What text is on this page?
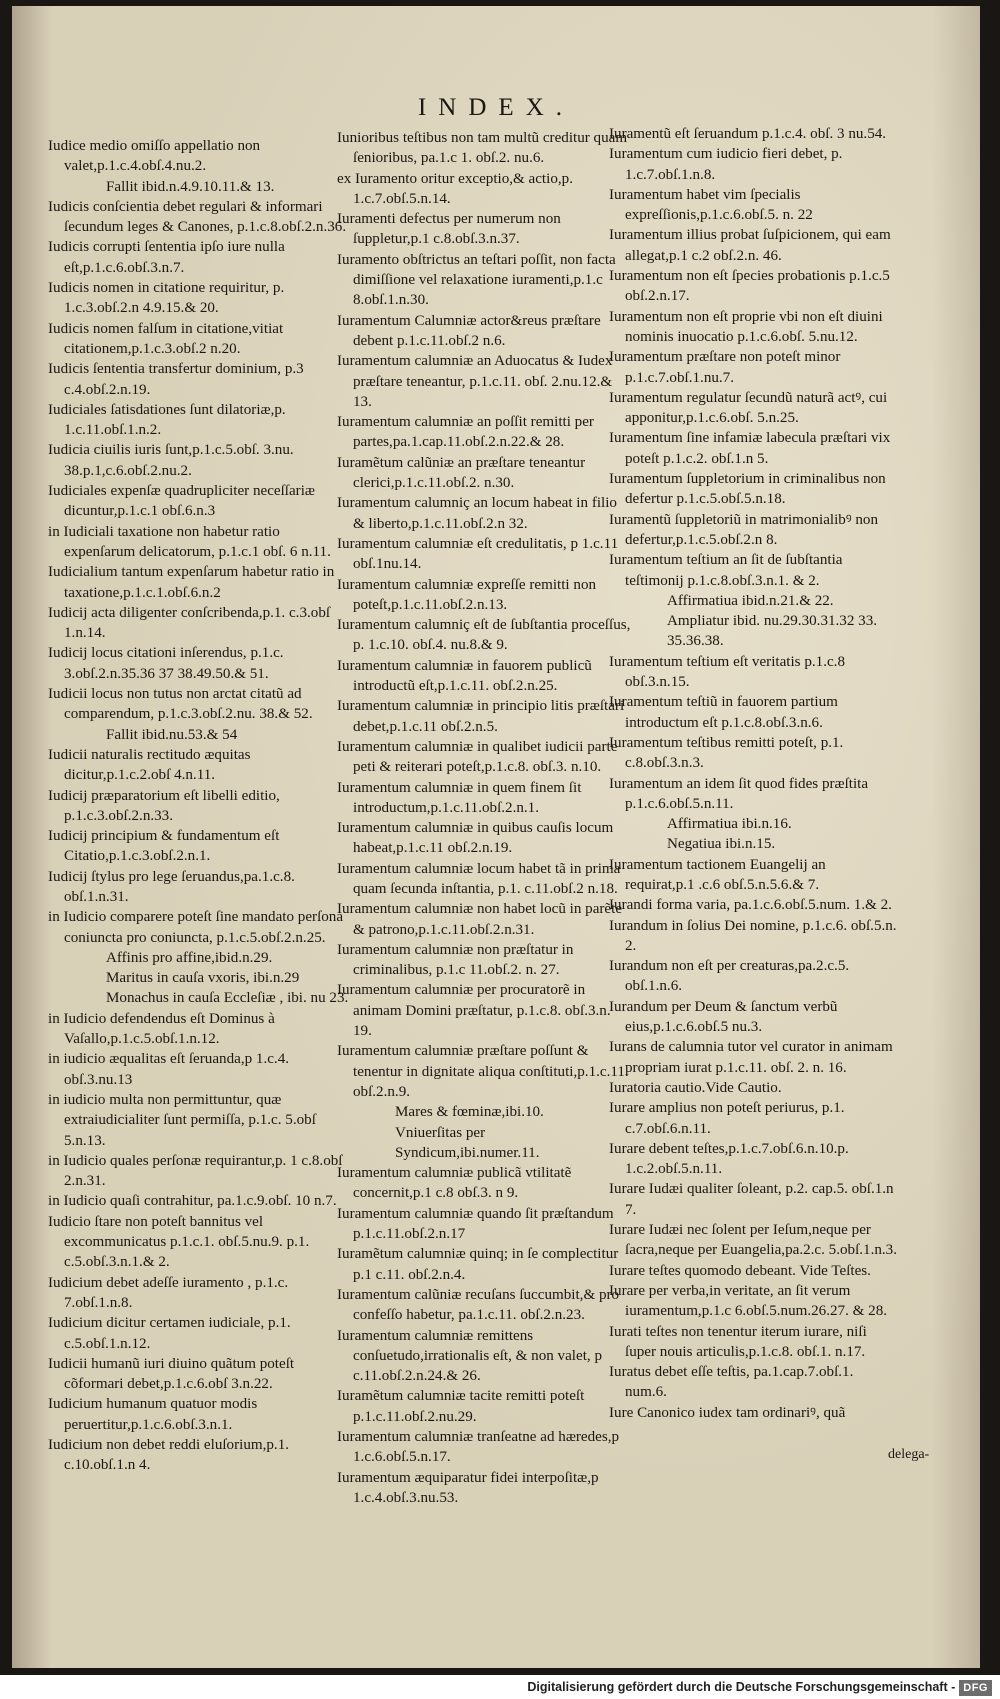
INDEX.

Iudice medio omiſſo appellatio non valet,p.1.c.4.obſ.4.nu.2.

Fallit ibid.n.4.9.10.11.& 13.

Iudicis conſcientia debet regulari & informari ſecundum leges & Canones, p.1.c.8.obſ.2.n.36.

Iudicis corrupti ſententia ipſo iure nulla eſt,p.1.c.6.obſ.3.n.7.

Iudicis nomen in citatione requiritur, p. 1.c.3.obſ.2.n 4.9.15.& 20.

Iudicis nomen falſum in citatione,vitiat citationem,p.1.c.3.obſ.2 n.20.

Iudicis ſententia transfertur dominium, p.3 c.4.obſ.2.n.19.

Iudiciales ſatisdationes ſunt dilatoriæ,p. 1.c.11.obſ.1.n.2.

Iudicia ciuilis iuris ſunt,p.1.c.5.obſ. 3.nu. 38.p.1,c.6.obſ.2.nu.2.

Iudiciales expenſæ quadrupliciter neceſſariæ dicuntur,p.1.c.1 obſ.6.n.3

in Iudiciali taxatione non habetur ratio expenſarum delicatorum, p.1.c.1 obſ. 6 n.11.

Iudicialium tantum expenſarum habetur ratio in taxatione,p.1.c.1.obſ.6.n.2

Iudicij acta diligenter conſcribenda,p.1. c.3.obſ 1.n.14.

Iudicij locus citationi inſerendus, p.1.c. 3.obſ.2.n.35.36 37 38.49.50.& 51.

Iudicii locus non tutus non arctat citatũ ad comparendum, p.1.c.3.obſ.2.nu. 38.& 52.

Fallit ibid.nu.53.& 54

Iudicii naturalis rectitudo æquitas dicitur,p.1.c.2.obſ 4.n.11.

Iudicij præparatorium eſt libelli editio, p.1.c.3.obſ.2.n.33.

Iudicij principium & fundamentum eſt Citatio,p.1.c.3.obſ.2.n.1.

Iudicij ſtylus pro lege ſeruandus,pa.1.c.8. obſ.1.n.31.

in Iudicio comparere poteſt ſine mandato perſona coniuncta pro coniuncta, p.1.c.5.obſ.2.n.25.

Affinis pro affine,ibid.n.29.

Maritus in cauſa vxoris, ibi.n.29

Monachus in cauſa Eccleſiæ , ibi. nu 23.

in Iudicio defendendus eſt Dominus à Vaſallo,p.1.c.5.obſ.1.n.12.

in iudicio æqualitas eſt ſeruanda,p 1.c.4. obſ.3.nu.13

in iudicio multa non permittuntur, quæ extraiudicialiter ſunt permiſſa, p.1.c. 5.obſ 5.n.13.

in Iudicio quales perſonæ requirantur,p. 1 c.8.obſ 2.n.31.

in Iudicio quaſi contrahitur, pa.1.c.9.obſ. 10 n.7.

Iudicio ſtare non poteſt bannitus vel excommunicatus p.1.c.1. obſ.5.nu.9. p.1. c.5.obſ.3.n.1.& 2.

Iudicium debet adeſſe iuramento , p.1.c. 7.obſ.1.n.8.

Iudicium dicitur certamen iudiciale, p.1. c.5.obſ.1.n.12.

Iudicii humanũ iuri diuino quãtum poteſt cõformari debet,p.1.c.6.obſ 3.n.22.

Iudicium humanum quatuor modis peruertitur,p.1.c.6.obſ.3.n.1.

Iudicium non debet reddi eluſorium,p.1. c.10.obſ.1.n 4.

Iunioribus teſtibus non tam multũ creditur quam ſenioribus, pa.1.c 1. obſ.2. nu.6.

ex Iuramento oritur exceptio,& actio,p. 1.c.7.obſ.5.n.14.

Iuramenti defectus per numerum non ſuppletur,p.1 c.8.obſ.3.n.37.

Iuramento obſtrictus an teſtari poſſit, non facta dimiſſione vel relaxatione iuramenti,p.1.c 8.obſ.1.n.30.

Iuramentum Calumniæ actor&reus præſtare debent p.1.c.11.obſ.2 n.6.

Iuramentum calumniæ an Aduocatus & Iudex præſtare teneantur, p.1.c.11. obſ. 2.nu.12.& 13.

Iuramentum calumniæ an poſſit remitti per partes,pa.1.cap.11.obſ.2.n.22.& 28.

Iuramẽtum calũniæ an præſtare teneantur clerici,p.1.c.11.obſ.2. n.30.

Iuramentum calumniç an locum habeat in filio & liberto,p.1.c.11.obſ.2.n 32.

Iuramentum calumniæ eſt credulitatis, p 1.c.11 obſ.1nu.14.

Iuramentum calumniæ expreſſe remitti non poteſt,p.1.c.11.obſ.2.n.13.

Iuramentum calumniç eſt de ſubſtantia proceſſus, p. 1.c.10. obſ.4. nu.8.& 9.

Iuramentum calumniæ in fauorem publicũ introductũ eſt,p.1.c.11. obſ.2.n.25.

Iuramentum calumniæ in principio litis præſtari debet,p.1.c.11 obſ.2.n.5.

Iuramentum calumniæ in qualibet iudicii parte peti & reiterari poteſt,p.1.c.8. obſ.3. n.10.

Iuramentum calumniæ in quem finem ſit introductum,p.1.c.11.obſ.2.n.1.

Iuramentum calumniæ in quibus cauſis locum habeat,p.1.c.11 obſ.2.n.19.

Iuramentum calumniæ locum habet tã in prima quam ſecunda inſtantia, p.1. c.11.obſ.2 n.18.

Iuramentum calumniæ non habet locũ in parẽte & patrono,p.1.c.11.obſ.2.n.31.

Iuramentum calumniæ non præſtatur in criminalibus, p.1.c 11.obſ.2. n. 27.

Iuramentum calumniæ per procuratorẽ in animam Domini præſtatur, p.1.c.8. obſ.3.n. 19.

Iuramentum calumniæ præſtare poſſunt & tenentur in dignitate aliqua conſtituti,p.1.c.11. obſ.2.n.9.

Mares & fœminæ,ibi.10.

Vniuerſitas per Syndicum,ibi.numer.11.

Iuramentum calumniæ publicã vtilitatẽ concernit,p.1 c.8 obſ.3. n 9.

Iuramentum calumniæ quando ſit præſtandum p.1.c.11.obſ.2.n.17

Iuramẽtum calumniæ quinq; in ſe complectitur p.1 c.11. obſ.2.n.4.

Iuramentum calũniæ recuſans ſuccumbit,& pro confeſſo habetur, pa.1.c.11. obſ.2.n.23.

Iuramentum calumniæ remittens conſuetudo,irrationalis eſt, & non valet, p c.11.obſ.2.n.24.& 26.

Iuramẽtum calumniæ tacite remitti poteſt p.1.c.11.obſ.2.nu.29.

Iuramentum calumniæ tranſeatne ad hæredes,p 1.c.6.obſ.5.n.17.

Iuramentum æquiparatur fidei interpoſitæ,p 1.c.4.obſ.3.nu.53.

Iuramentũ eſt ſeruandum p.1.c.4. obſ. 3 nu.54.

Iuramentum cum iudicio fieri debet, p. 1.c.7.obſ.1.n.8.

Iuramentum habet vim ſpecialis expreſſionis,p.1.c.6.obſ.5. n. 22

Iuramentum illius probat ſuſpicionem, qui eam allegat,p.1 c.2 obſ.2.n. 46.

Iuramentum non eſt ſpecies probationis p.1.c.5 obſ.2.n.17.

Iuramentum non eſt proprie vbi non eſt diuini nominis inuocatio p.1.c.6.obſ. 5.nu.12.

Iuramentum præſtare non poteſt minor p.1.c.7.obſ.1.nu.7.

Iuramentum regulatur ſecundũ naturã actꝰ, cui apponitur,p.1.c.6.obſ. 5.n.25.

Iuramentum ſine infamiæ labecula præſtari vix poteſt p.1.c.2. obſ.1.n 5.

Iuramentum ſuppletorium in criminalibus non defertur p.1.c.5.obſ.5.n.18.

Iuramentũ ſuppletoriũ in matrimonialibꝰ non defertur,p.1.c.5.obſ.2.n 8.

Iuramentum teſtium an ſit de ſubſtantia teſtimonij p.1.c.8.obſ.3.n.1. & 2.

Affirmatiua ibid.n.21.& 22.

Ampliatur ibid. nu.29.30.31.32 33. 35.36.38.

Iuramentum teſtium eſt veritatis p.1.c.8 obſ.3.n.15.

Iuramentum teſtiũ in fauorem partium introductum eſt p.1.c.8.obſ.3.n.6.

Iuramentum teſtibus remitti poteſt, p.1. c.8.obſ.3.n.3.

Iuramentum an idem ſit quod fides præſtita p.1.c.6.obſ.5.n.11.

Affirmatiua ibi.n.16.

Negatiua ibi.n.15.

Iuramentum tactionem Euangelij an requirat,p.1 .c.6 obſ.5.n.5.6.& 7.

Iurandi forma varia, pa.1.c.6.obſ.5.num. 1.& 2.

Iurandum in ſolius Dei nomine, p.1.c.6. obſ.5.n. 2.

Iurandum non eſt per creaturas,pa.2.c.5. obſ.1.n.6.

Iurandum per Deum & ſanctum verbũ eius,p.1.c.6.obſ.5 nu.3.

Iurans de calumnia tutor vel curator in animam propriam iurat p.1.c.11. obſ. 2. n. 16.

Iuratoria cautio.Vide Cautio.

Iurare amplius non poteſt periurus, p.1. c.7.obſ.6.n.11.

Iurare debent teſtes,p.1.c.7.obſ.6.n.10.p. 1.c.2.obſ.5.n.11.

Iurare Iudæi qualiter ſoleant, p.2. cap.5. obſ.1.n 7.

Iurare Iudæi nec ſolent per Ieſum,neque per ſacra,neque per Euangelia,pa.2.c. 5.obſ.1.n.3.

Iurare teſtes quomodo debeant. Vide Teſtes.

Iurare per verba,in veritate, an ſit verum iuramentum,p.1.c 6.obſ.5.num.26.27. & 28.

Iurati teſtes non tenentur iterum iurare, niſi ſuper nouis articulis,p.1.c.8. obſ.1. n.17.

Iuratus debet eſſe teſtis, pa.1.cap.7.obſ.1. num.6.

Iure Canonico iudex tam ordinariꝰ, quã

delega-
Digitalisierung gefördert durch die Deutsche Forschungsgemeinschaft - DFG
